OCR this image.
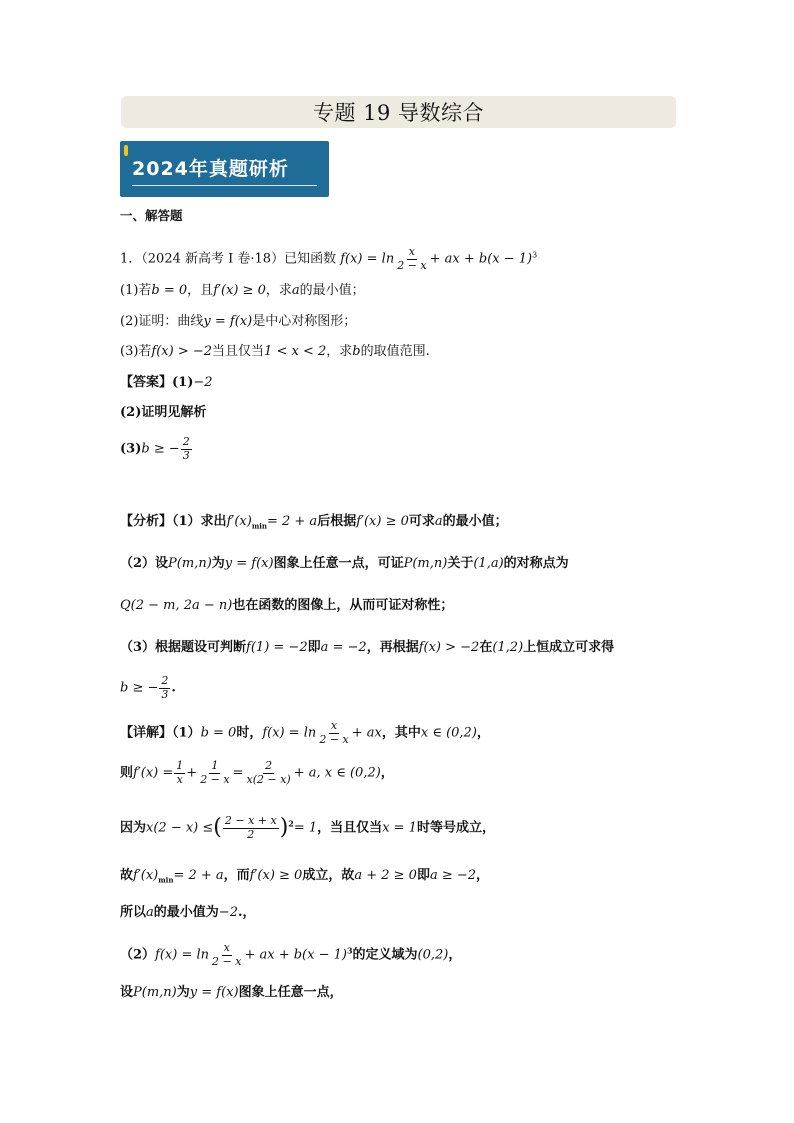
专题 19 导数综合
2024年真题研析
一、解答题
1．（2024 新高考 I 卷·18）已知函数 $f(x) = \ln \frac{x}{2 - x}$ + ax + $b(x - 1)^3$
(1)若b = 0，且f′(x) ≥ 0，求a的最小值；
(2)证明：曲线y = f(x)是中心对称图形；
(3)若f(x) > −2当且仅当1 < x < 2，求b的取值范围.
【答案】(1)−2
(2)证明见解析
(3)b ≥ − $\frac{2}{3}$
【分析】（1）求出$f'(x)_{min}= 2 + a$后根据f′(x) ≥ 0可求a的最小值；
（2）设P(m,n)为y = f(x)图象上任意一点，可证P(m,n)关于(1,a)的对称点为
Q(2 − m, 2a − n)也在函数的图像上，从而可证对称性；
（3）根据题设可判断f(1) = −2即a = −2，再根据f(x) > −2在(1,2)上恒成立可求得
b ≥ − $\frac{2}{3}$ .
【详解】（1）b = 0时，$f(x) = \ln \frac{x}{2 - x}$ + ax，其中x ∈ (0,2)，
则$f'(x) = \frac{1}{x} + \frac{1}{2 - x} = \frac{2}{x(2 - x)} + a$, x ∈ (0,2)，
因为x(2 − x) ≤( $\frac{2 - x + x}{2} )^2= 1$，当且仅当x = 1时等号成立，
故$f'(x)_{min}= 2 + a$，而f′(x) ≥ 0成立，故a + 2 ≥ 0即a ≥ −2，
所以a的最小值为−2.，
$(2)f(x) = \ln \frac{x}{2 - x}$ + ax + $b(x - 1)^3$的定义域为(0,2)，
设P(m,n)为y = f(x)图象上任意一点，
